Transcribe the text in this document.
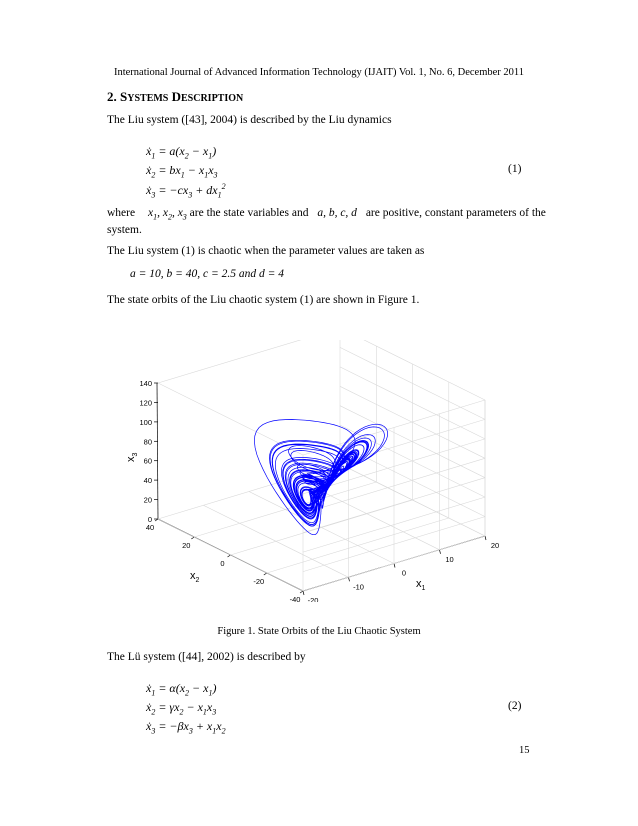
International Journal of Advanced Information Technology (IJAIT) Vol. 1, No. 6, December 2011
2. SYSTEMS DESCRIPTION
The Liu system ([43], 2004) is described by the Liu dynamics
ẋ$_1$ = $a(x_2 - x_1)$
ẋ$_2$ = $bx_1 - x_1x_3$
ẋ$_3$ = $-cx_3 + dx_1^2$
(1)
where $x_1$, $x_2$, $x_3$ are the state variables and a, b, c, d are positive, constant parameters of the
system.
The Liu system (1) is chaotic when the parameter values are taken as
a = 10, b = 40, c = 2.5 and d = 4
The state orbits of the Liu chaotic system (1) are shown in Figure 1.
0
20
40
60
80
100
120
140
-40
-20
0
20
40
-20
-10
0
10
20
$x_3$
$x_2$	$x_1$
Figure 1. State Orbits of the Liu Chaotic System
The Lü system ([44], 2002) is described by
ẋ$_1$ = $\alpha(x_2 - x_1)$
ẋ$_2$ = $\gamma x_2 - x_1x_3$
ẋ$_3$ = $-\beta x_3 + x_1x_2$
(2)
15
